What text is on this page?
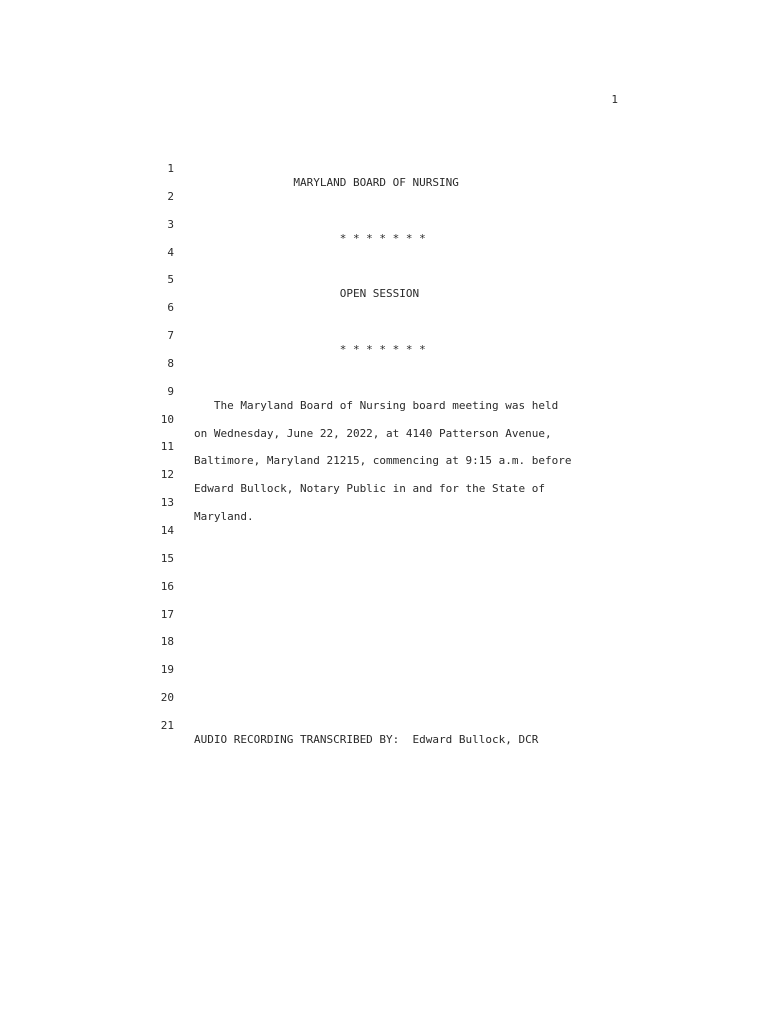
1

1

MARYLAND BOARD OF NURSING

2

3

* * * * * * *

4

5

OPEN SESSION

6

7

* * * * * * *

8

9

The Maryland Board of Nursing board meeting was held

10

on Wednesday, June 22, 2022, at 4140 Patterson Avenue,

11

Baltimore, Maryland 21215, commencing at 9:15 a.m. before

12

Edward Bullock, Notary Public in and for the State of

13

Maryland.

14

15

16

17

18

19

20

21

AUDIO RECORDING TRANSCRIBED BY:  Edward Bullock, DCR
